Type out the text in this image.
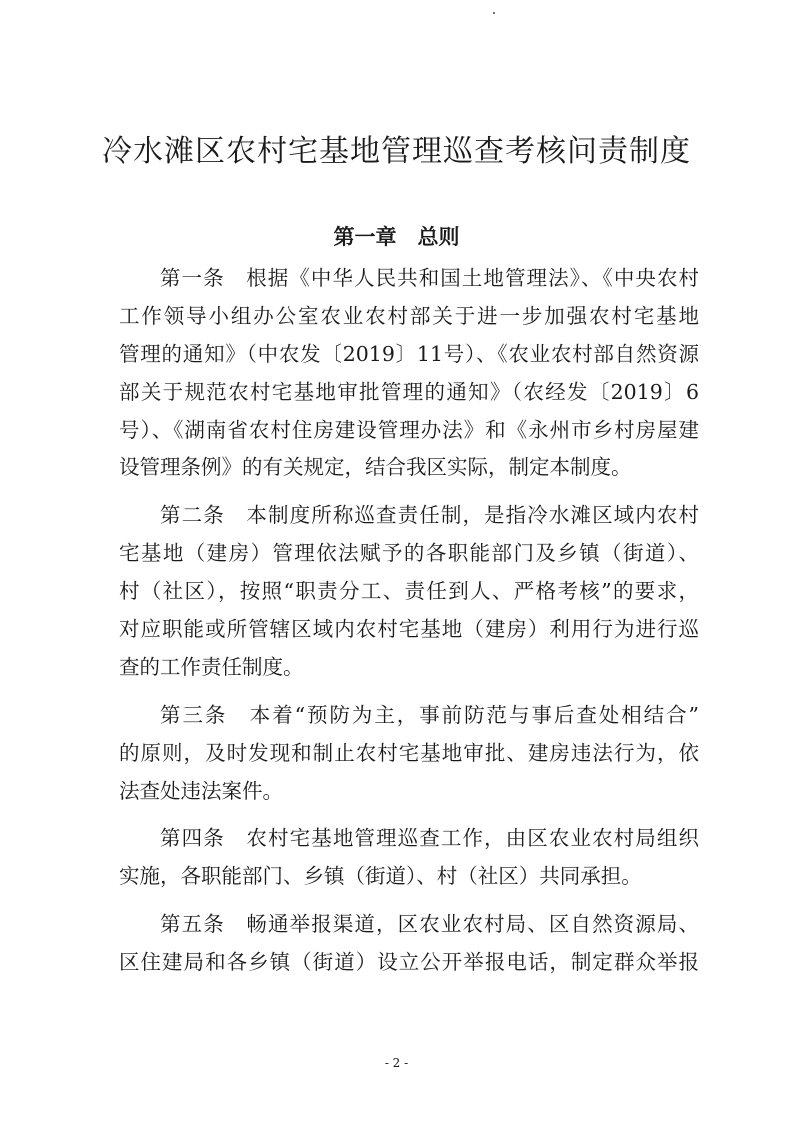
冷水滩区农村宅基地管理巡查考核问责制度
第一章　总则
第一条　根据《中华人民共和国土地管理法》、《中央农村
工作领导小组办公室农业农村部关于进一步加强农村宅基地
管理的通知》（中农发〔2019〕11号）、《农业农村部自然资源
部关于规范农村宅基地审批管理的通知》（农经发〔2019〕6
号）、《湖南省农村住房建设管理办法》和《永州市乡村房屋建
设管理条例》的有关规定，结合我区实际，制定本制度。
第二条　本制度所称巡查责任制，是指冷水滩区域内农村
宅基地（建房）管理依法赋予的各职能部门及乡镇（街道）、
村（社区），按照“职责分工、责任到人、严格考核”的要求，
对应职能或所管辖区域内农村宅基地（建房）利用行为进行巡
查的工作责任制度。
第三条　本着“预防为主，事前防范与事后查处相结合”
的原则，及时发现和制止农村宅基地审批、建房违法行为，依
法查处违法案件。
第四条　农村宅基地管理巡查工作，由区农业农村局组织
实施，各职能部门、乡镇（街道）、村（社区）共同承担。
第五条　畅通举报渠道，区农业农村局、区自然资源局、
区住建局和各乡镇（街道）设立公开举报电话，制定群众举报
- 2 -
